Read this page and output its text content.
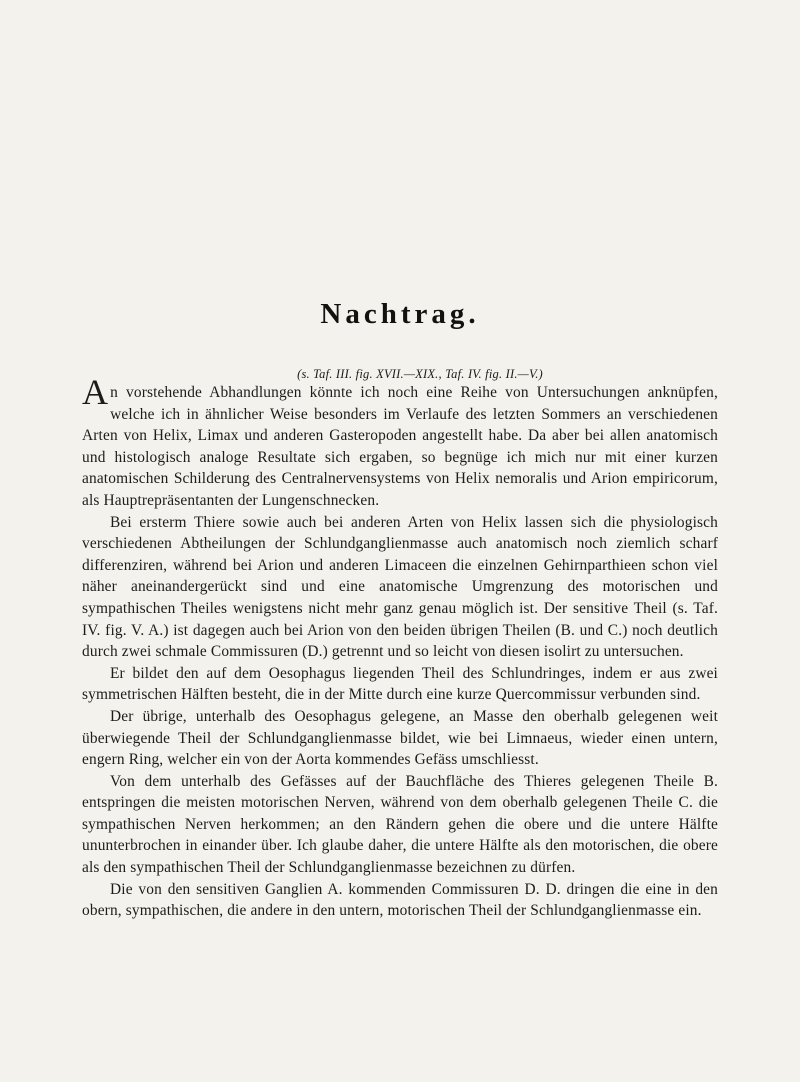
Nachtrag.

(s. Taf. III. fig. XVII.—XIX., Taf. IV. fig. II.—V.)

An vorstehende Abhandlungen könnte ich noch eine Reihe von Untersuchungen anknüpfen, welche ich in ähnlicher Weise besonders im Verlaufe des letzten Sommers an verschiedenen Arten von Helix, Limax und anderen Gasteropoden angestellt habe. Da aber bei allen anatomisch und histologisch analoge Resultate sich ergaben, so begnüge ich mich nur mit einer kurzen anatomischen Schilderung des Centralnervensystems von Helix nemoralis und Arion empiricorum, als Hauptrepräsentanten der Lungenschnecken.

Bei ersterm Thiere sowie auch bei anderen Arten von Helix lassen sich die physiologisch verschiedenen Abtheilungen der Schlundganglienmasse auch anatomisch noch ziemlich scharf differenziren, während bei Arion und anderen Limaceen die einzelnen Gehirnparthieen schon viel näher aneinandergerückt sind und eine anatomische Umgrenzung des motorischen und sympathischen Theiles wenigstens nicht mehr ganz genau möglich ist. Der sensitive Theil (s. Taf. IV. fig. V. A.) ist dagegen auch bei Arion von den beiden übrigen Theilen (B. und C.) noch deutlich durch zwei schmale Commissuren (D.) getrennt und so leicht von diesen isolirt zu untersuchen.

Er bildet den auf dem Oesophagus liegenden Theil des Schlundringes, indem er aus zwei symmetrischen Hälften besteht, die in der Mitte durch eine kurze Quercommissur verbunden sind.

Der übrige, unterhalb des Oesophagus gelegene, an Masse den oberhalb gelegenen weit überwiegende Theil der Schlundganglienmasse bildet, wie bei Limnaeus, wieder einen untern, engern Ring, welcher ein von der Aorta kommendes Gefäss umschliesst.

Von dem unterhalb des Gefässes auf der Bauchfläche des Thieres gelegenen Theile B. entspringen die meisten motorischen Nerven, während von dem oberhalb gelegenen Theile C. die sympathischen Nerven herkommen; an den Rändern gehen die obere und die untere Hälfte ununterbrochen in einander über. Ich glaube daher, die untere Hälfte als den motorischen, die obere als den sympathischen Theil der Schlundganglienmasse bezeichnen zu dürfen.

Die von den sensitiven Ganglien A. kommenden Commissuren D. D. dringen die eine in den obern, sympathischen, die andere in den untern, motorischen Theil der Schlundganglienmasse ein.
